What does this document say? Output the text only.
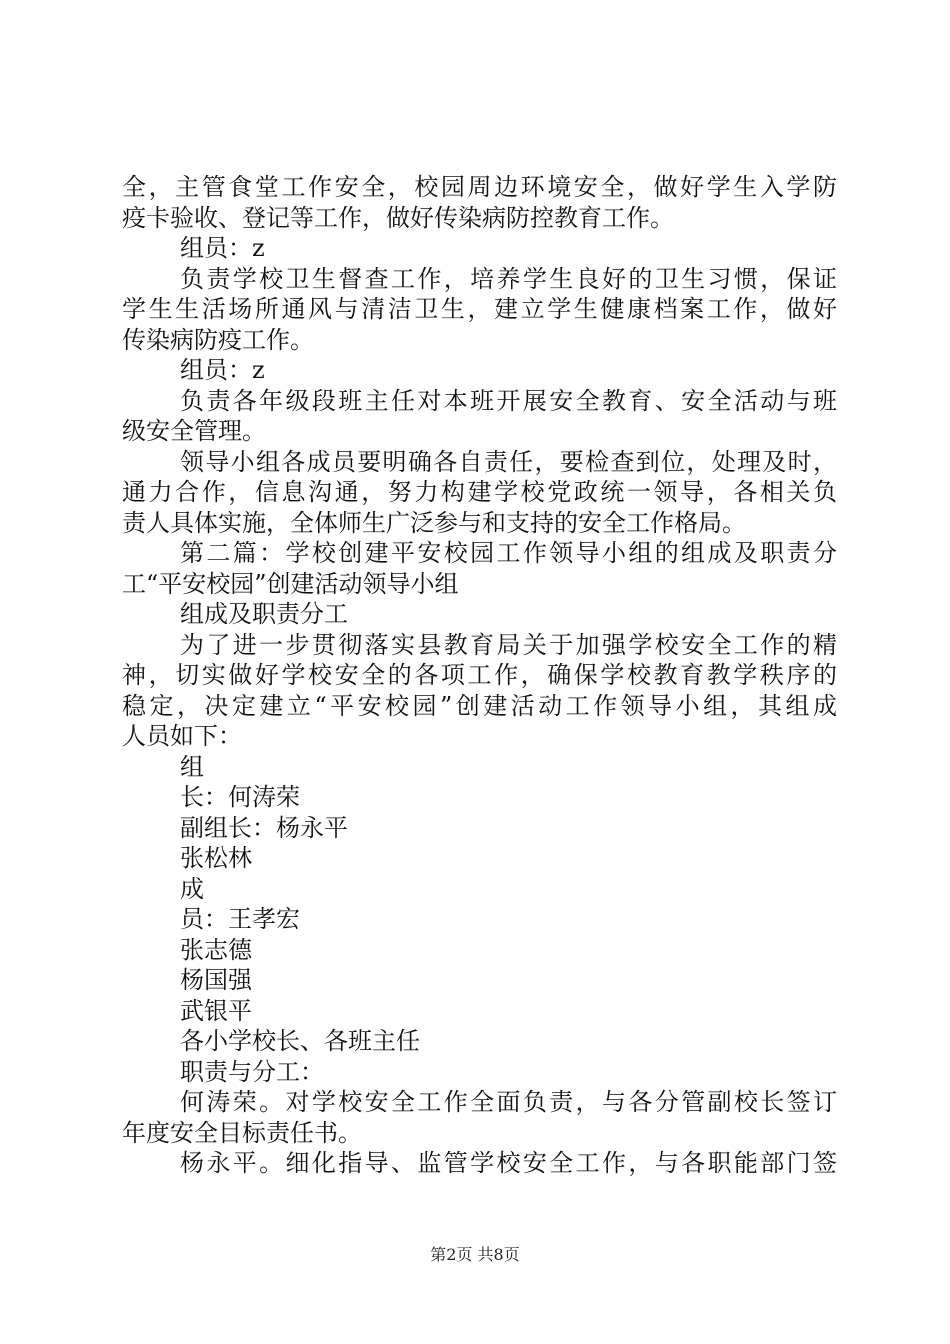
全，主管食堂工作安全，校园周边环境安全，做好学生入学防
疫卡验收、登记等工作，做好传染病防控教育工作。
组员：z
负责学校卫生督查工作，培养学生良好的卫生习惯，保证
学生生活场所通风与清洁卫生，建立学生健康档案工作，做好
传染病防疫工作。
组员：z
负责各年级段班主任对本班开展安全教育、安全活动与班
级安全管理。
领导小组各成员要明确各自责任，要检查到位，处理及时，
通力合作，信息沟通，努力构建学校党政统一领导，各相关负
责人具体实施，全体师生广泛参与和支持的安全工作格局。
第二篇：学校创建平安校园工作领导小组的组成及职责分
工“平安校园”创建活动领导小组
组成及职责分工
为了进一步贯彻落实县教育局关于加强学校安全工作的精
神，切实做好学校安全的各项工作，确保学校教育教学秩序的
稳定，决定建立“平安校园”创建活动工作领导小组，其组成
人员如下：
组
长：何涛荣
副组长：杨永平
张松林
成
员：王孝宏
张志德
杨国强
武银平
各小学校长、各班主任
职责与分工：
何涛荣。对学校安全工作全面负责，与各分管副校长签订
年度安全目标责任书。
杨永平。细化指导、监管学校安全工作，与各职能部门签
第2页 共8页
